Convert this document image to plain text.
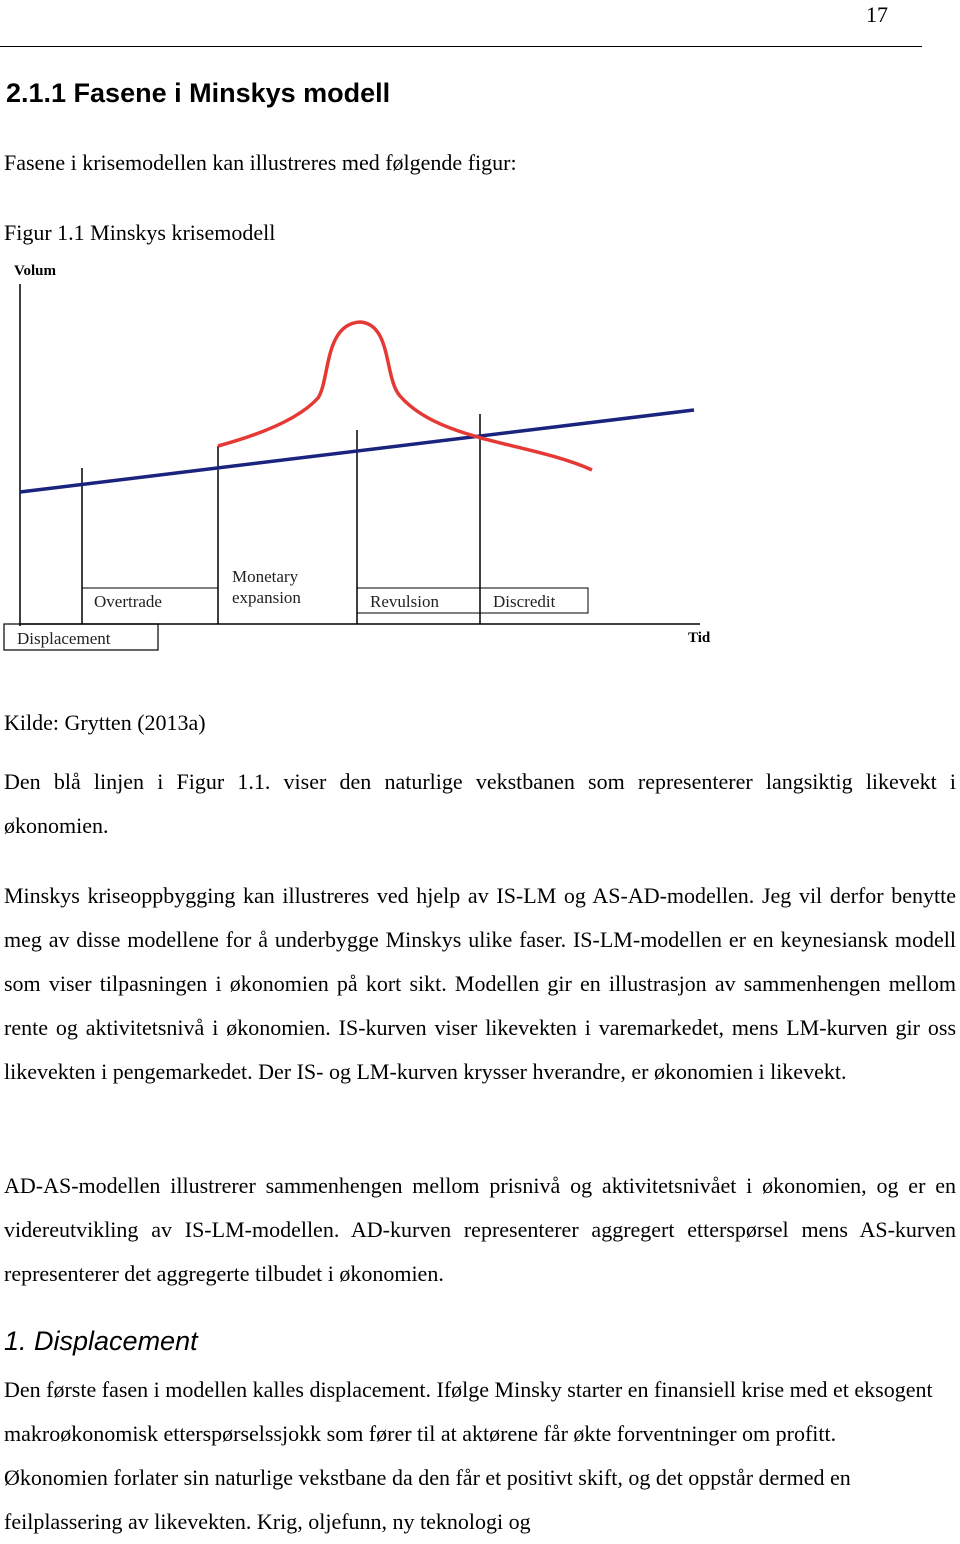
17
2.1.1 Fasene i Minskys modell
Fasene i krisemodellen kan illustreres med følgende figur:
Figur 1.1 Minskys krisemodell
Volum
Tid
Displacement
Overtrade
Monetary
expansion	Revulsion	Discredit
Kilde: Grytten (2013a)
Den blå linjen i Figur 1.1. viser den naturlige vekstbanen som representerer langsiktig likevekt i økonomien.
Minskys kriseoppbygging kan illustreres ved hjelp av IS-LM og AS-AD-modellen. Jeg vil derfor benytte meg av disse modellene for å underbygge Minskys ulike faser. IS-LM-modellen er en keynesiansk modell som viser tilpasningen i økonomien på kort sikt. Modellen gir en illustrasjon av sammenhengen mellom rente og aktivitetsnivå i økonomien. IS-kurven viser likevekten i varemarkedet, mens LM-kurven gir oss likevekten i pengemarkedet. Der IS- og LM-kurven krysser hverandre, er økonomien i likevekt.
AD-AS-modellen illustrerer sammenhengen mellom prisnivå og aktivitetsnivået i økonomien, og er en videreutvikling av IS-LM-modellen. AD-kurven representerer aggregert etterspørsel mens AS-kurven representerer det aggregerte tilbudet i økonomien.
1. Displacement
Den første fasen i modellen kalles displacement. Ifølge Minsky starter en finansiell krise med et eksogent makroøkonomisk etterspørselssjokk som fører til at aktørene får økte forventninger om profitt. Økonomien forlater sin naturlige vekstbane da den får et positivt skift, og det oppstår dermed en feilplassering av likevekten. Krig, oljefunn, ny teknologi og
